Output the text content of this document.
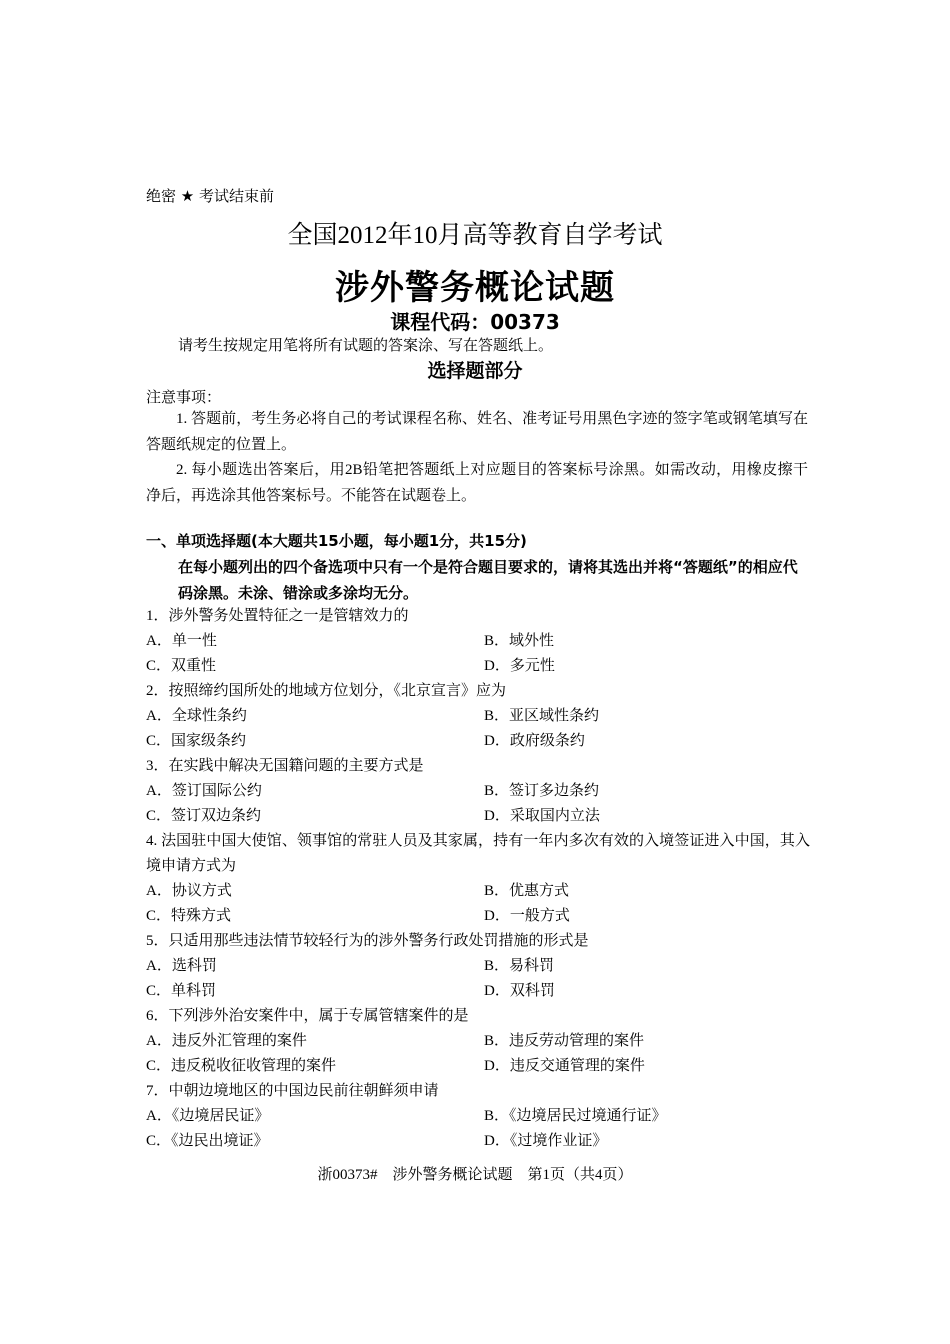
绝密 ★ 考试结束前
全国2012年10月高等教育自学考试
涉外警务概论试题
课程代码：00373
请考生按规定用笔将所有试题的答案涂、写在答题纸上。
选择题部分
注意事项：
1. 答题前，考生务必将自己的考试课程名称、姓名、准考证号用黑色字迹的签字笔或钢笔填写在答题纸规定的位置上。
2. 每小题选出答案后，用2B铅笔把答题纸上对应题目的答案标号涂黑。如需改动，用橡皮擦干净后，再选涂其他答案标号。不能答在试题卷上。
一、单项选择题(本大题共15小题，每小题1分，共15分)
在每小题列出的四个备选项中只有一个是符合题目要求的，请将其选出并将“答题纸”的相应代码涂黑。未涂、错涂或多涂均无分。
1．涉外警务处置特征之一是管辖效力的
A．单一性	B．域外性
C．双重性	D．多元性
2．按照缔约国所处的地域方位划分，《北京宣言》应为
A．全球性条约	B．亚区域性条约
C．国家级条约	D．政府级条约
3．在实践中解决无国籍问题的主要方式是
A．签订国际公约	B．签订多边条约
C．签订双边条约	D．采取国内立法
4. 法国驻中国大使馆、领事馆的常驻人员及其家属，持有一年内多次有效的入境签证进入中国，其入境申请方式为
A．协议方式	B．优惠方式
C．特殊方式	D．一般方式
5．只适用那些违法情节较轻行为的涉外警务行政处罚措施的形式是
A．选科罚	B．易科罚
C．单科罚	D．双科罚
6．下列涉外治安案件中，属于专属管辖案件的是
A．违反外汇管理的案件	B．违反劳动管理的案件
C．违反税收征收管理的案件	D．违反交通管理的案件
7．中朝边境地区的中国边民前往朝鲜须申请
A．《边境居民证》	B．《边境居民过境通行证》
C．《边民出境证》	D．《过境作业证》
浙00373#　涉外警务概论试题　第1页（共4页）
